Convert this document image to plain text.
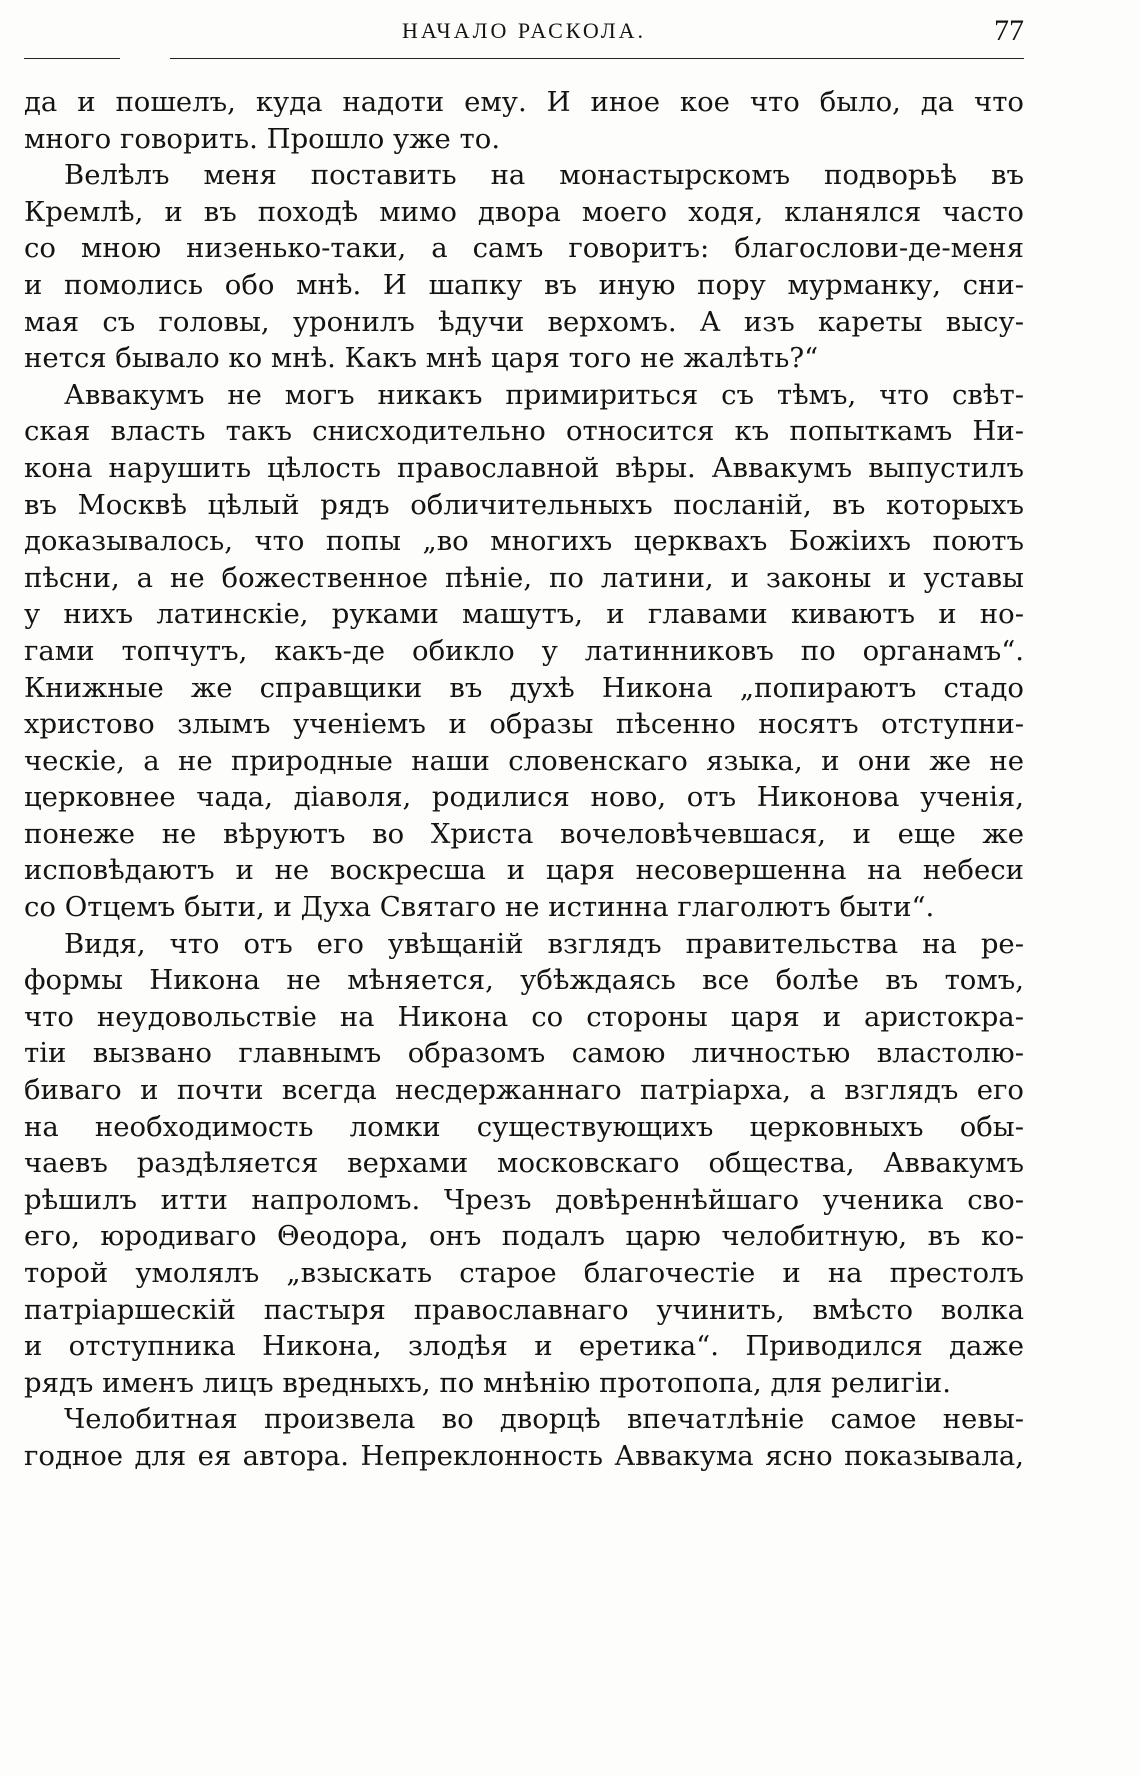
НАЧАЛО РАСКОЛА.	77
да и пошелъ, куда надоти ему. И иное кое что было, да что
много говорить. Прошло уже то.
Велѣлъ меня поставить на монастырскомъ подворьѣ въ
Кремлѣ, и въ походѣ мимо двора моего ходя, кланялся часто
со мною низенько-таки, а самъ говоритъ: благослови-де-меня
и помолись обо мнѣ. И шапку въ иную пору мурманку, сни-
мая съ головы, уронилъ ѣдучи верхомъ. А изъ кареты высу-
нется бывало ко мнѣ. Какъ мнѣ царя того не жалѣть?“
Аввакумъ не могъ никакъ примириться съ тѣмъ, что свѣт-
ская власть такъ снисходительно относится къ попыткамъ Ни-
кона нарушить цѣлость православной вѣры. Аввакумъ выпустилъ
въ Москвѣ цѣлый рядъ обличительныхъ посланій, въ которыхъ
доказывалось, что попы „во многихъ церквахъ Божіихъ поютъ
пѣсни, а не божественное пѣніе, по латини, и законы и уставы
у нихъ латинскіе, руками машутъ, и главами киваютъ и но-
гами топчутъ, какъ-де обикло у латинниковъ по органамъ“.
Книжные же справщики въ духѣ Никона „попираютъ стадо
христово злымъ ученіемъ и образы пѣсенно носятъ отступни-
ческіе, а не природные наши словенскаго языка, и они же не
церковнее чада, діаволя, родилися ново, отъ Никонова ученія,
понеже не вѣруютъ во Христа вочеловѣчевшася, и еще же
исповѣдаютъ и не воскресша и царя несовершенна на небеси
со Отцемъ быти, и Духа Святаго не истинна глаголютъ быти“.
Видя, что отъ его увѣщаній взглядъ правительства на ре-
формы Никона не мѣняется, убѣждаясь все болѣе въ томъ,
что неудовольствіе на Никона со стороны царя и аристокра-
тіи вызвано главнымъ образомъ самою личностью властолю-
биваго и почти всегда несдержаннаго патріарха, а взглядъ его
на необходимость ломки существующихъ церковныхъ обы-
чаевъ раздѣляется верхами московскаго общества, Аввакумъ
рѣшилъ итти напроломъ. Чрезъ довѣреннѣйшаго ученика сво-
его, юродиваго Θеодора, онъ подалъ царю челобитную, въ ко-
торой умолялъ „взыскать старое благочестіе и на престолъ
патріаршескій пастыря православнаго учинить, вмѣсто волка
и отступника Никона, злодѣя и еретика“. Приводился даже
рядъ именъ лицъ вредныхъ, по мнѣнію протопопа, для религіи.
Челобитная произвела во дворцѣ впечатлѣніе самое невы-
годное для ея автора. Непреклонность Аввакума ясно показывала,
